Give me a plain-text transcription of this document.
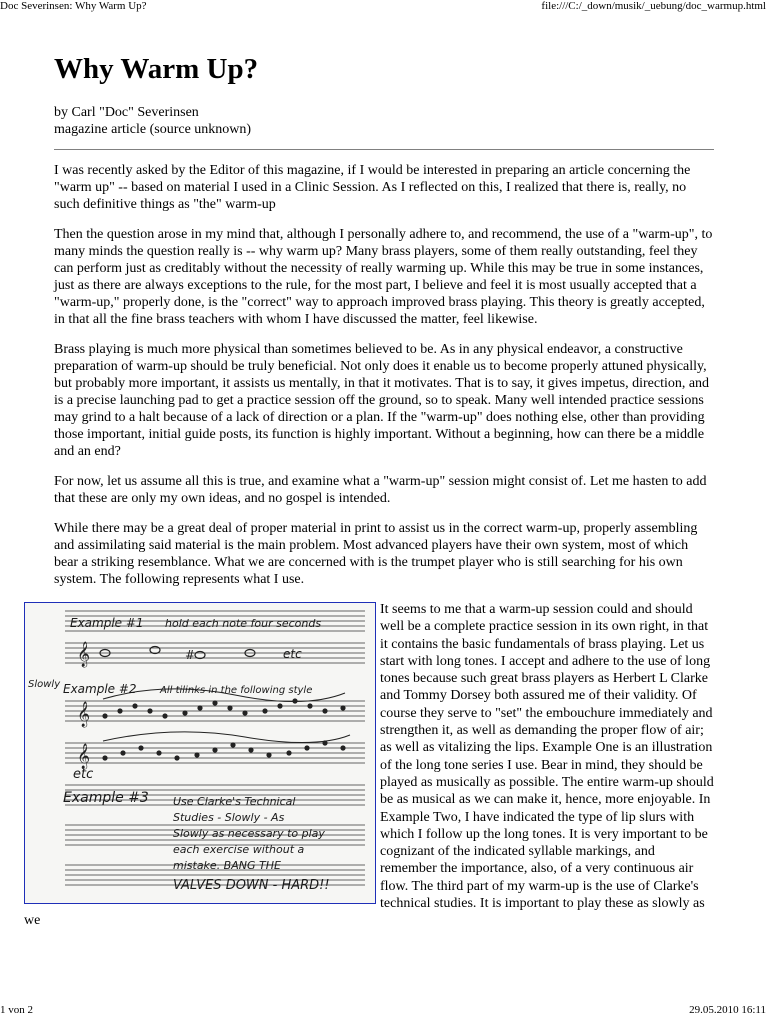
Doc Severinsen: Why Warm Up?	file:///C:/_down/musik/_uebung/doc_warmup.html
Why Warm Up?
by Carl "Doc" Severinsen
magazine article (source unknown)

I was recently asked by the Editor of this magazine, if I would be interested in preparing an article concerning the "warm up" -- based on material I used in a Clinic Session. As I reflected on this, I realized that there is, really, no such definitive things as "the" warm-up

Then the question arose in my mind that, although I personally adhere to, and recommend, the use of a "warm-up", to many minds the question really is -- why warm up? Many brass players, some of them really outstanding, feel they can perform just as creditably without the necessity of really warming up. While this may be true in some instances, just as there are always exceptions to the rule, for the most part, I believe and feel it is most usually accepted that a "warm-up," properly done, is the "correct" way to approach improved brass playing. This theory is greatly accepted, in that all the fine brass teachers with whom I have discussed the matter, feel likewise.

Brass playing is much more physical than sometimes believed to be. As in any physical endeavor, a constructive preparation of warm-up should be truly beneficial. Not only does it enable us to become properly attuned physically, but probably more important, it assists us mentally, in that it motivates. That is to say, it gives impetus, direction, and is a precise launching pad to get a practice session off the ground, so to speak. Many well intended practice sessions may grind to a halt because of a lack of direction or a plan. If the "warm-up" does nothing else, other than providing those important, initial guide posts, its function is highly important. Without a beginning, how can there be a middle and an end?

For now, let us assume all this is true, and examine what a "warm-up" session might consist of. Let me hasten to add that these are only my own ideas, and no gospel is intended.

While there may be a great deal of proper material in print to assist us in the correct warm-up, properly assembling and assimilating said material is the main problem. Most advanced players have their own system, most of which bear a striking resemblance. What we are concerned with is the trumpet player who is still searching for his own system. The following represents what I use.

𝄞	#
𝄞
𝄞
Example #1 hold each note four seconds
etc
Slowly Example #2 All tilinks in the following style
etc
Example #3 Use Clarke's Technical
Studies - Slowly - As
Slowly as necessary to play
each exercise without a
mistake. BANG THE
VALVES DOWN - HARD!!

It seems to me that a warm-up session could and should well be a complete practice session in its own right, in that it contains the basic fundamentals of brass playing. Let us start with long tones. I accept and adhere to the use of long tones because such great brass players as Herbert L Clarke and Tommy Dorsey both assured me of their validity. Of course they serve to "set" the embouchure immediately and strengthen it, as well as demanding the proper flow of air; as well as vitalizing the lips. Example One is an illustration of the long tone series I use. Bear in mind, they should be played as musically as possible. The entire warm-up should be as musical as we can make it, hence, more enjoyable. In Example Two, I have indicated the type of lip slurs with which I follow up the long tones. It is very important to be cognizant of the indicated syllable markings, and remember the importance, also, of a very continuous air flow. The third part of my warm-up is the use of Clarke's technical studies. It is important to play these as slowly as we

1 von 2	29.05.2010 16:11
